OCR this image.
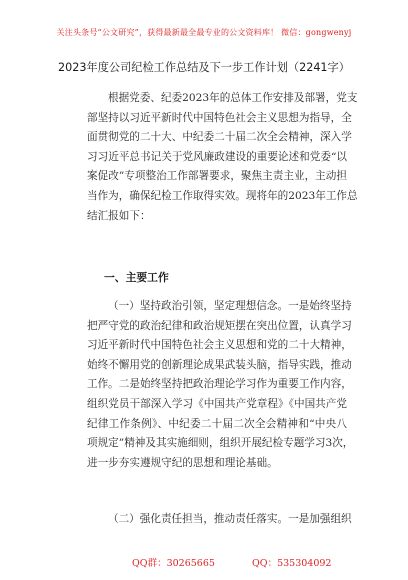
关注头条号“公文研究”，获得最新最全最专业的公文资料库！ 微信：gongwenyj
2023年度公司纪检工作总结及下一步工作计划（2241字）
根据党委、纪委2023年的总体工作安排及部署，党支
部坚持以习近平新时代中国特色社会主义思想为指导，全
面贯彻党的二十大、中纪委二十届二次全会精神，深入学
习习近平总书记关于党风廉政建设的重要论述和党委“以
案促改”专项整治工作部署要求，聚焦主责主业，主动担
当作为，确保纪检工作取得实效。现将年的2023年工作总
结汇报如下：
一、主要工作
（一）坚持政治引领，坚定理想信念。一是始终坚持
把严守党的政治纪律和政治规矩摆在突出位置，认真学习
习近平新时代中国特色社会主义思想和党的二十大精神，
始终不懈用党的创新理论成果武装头脑，指导实践，推动
工作。二是始终坚持把政治理论学习作为重要工作内容，
组织党员干部深入学习《中国共产党章程》《中国共产党
纪律工作条例》、中纪委二十届二次全会精神和“中央八
项规定”精神及其实施细则，组织开展纪检专题学习3次，
进一步夯实遵规守纪的思想和理论基础。
（二）强化责任担当，推动责任落实。一是加强组织
QQ群：30265665	QQ：535304092
